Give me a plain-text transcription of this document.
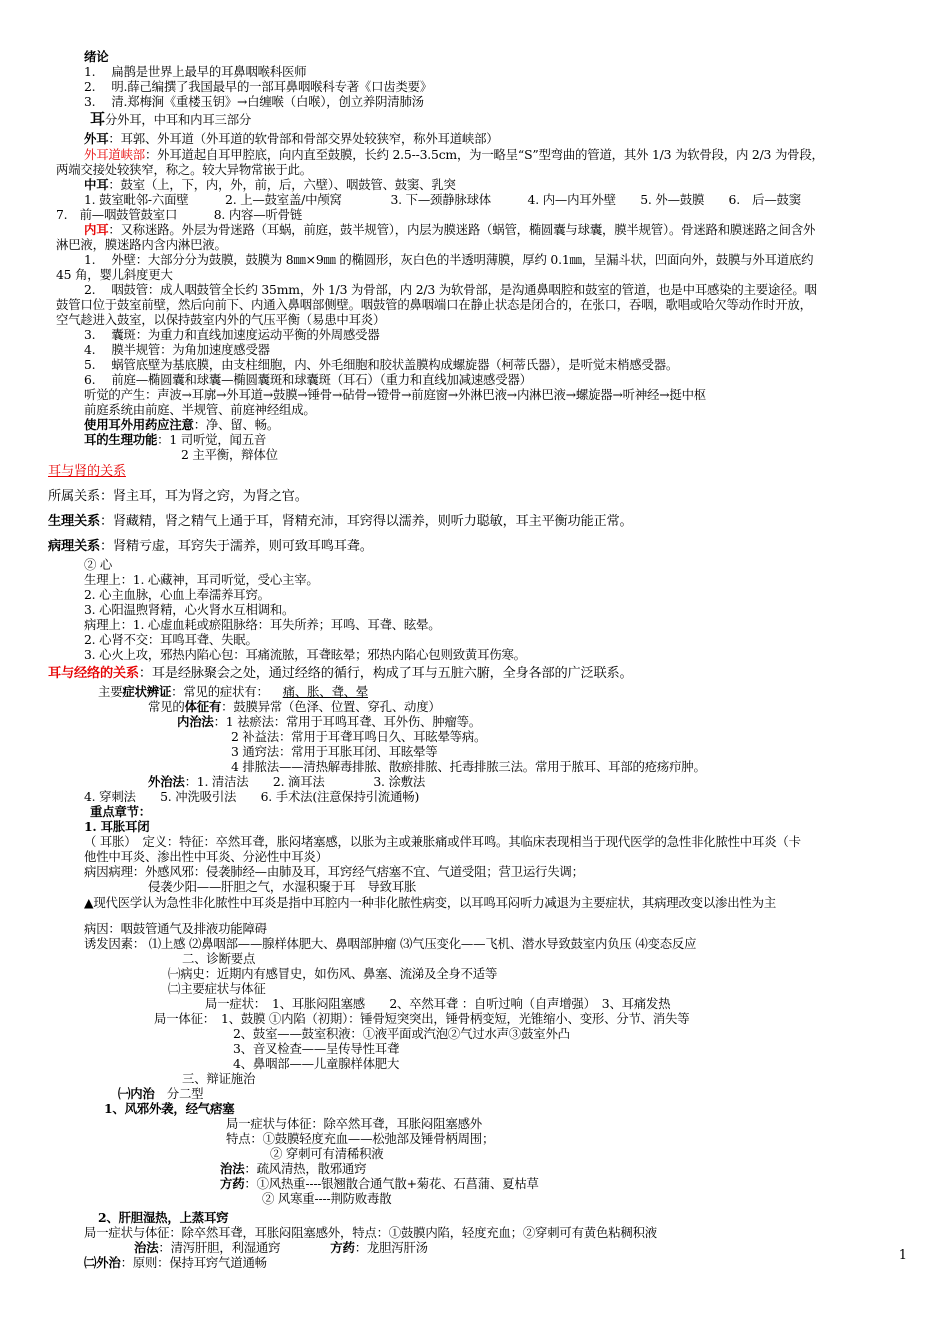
绪论
1.　 扁鹊是世界上最早的耳鼻咽喉科医师
2.　 明.薛己编撰了我国最早的一部耳鼻咽喉科专著《口齿类要》
3.　 清.郑梅涧《重楼玉钥》→白缠喉（白喉），创立养阴清肺汤
耳分外耳，中耳和内耳三部分
外耳：耳郭、外耳道（外耳道的软骨部和骨部交界处较狭窄，称外耳道峡部）
外耳道峡部：外耳道起自耳甲腔底，向内直至鼓膜，长约 2.5--3.5cm，为一略呈“S”型弯曲的管道，其外 1/3 为软骨段，内 2/3 为骨段，
两端交接处较狭窄，称之。较大异物常嵌于此。
中耳：鼓室（上，下，内，外，前，后，六壁）、咽鼓管、鼓窦、乳突
1. 鼓室毗邻-六面壁　　　2. 上—鼓室盖/中颅窝　　　　3. 下—颈静脉球体　　　4. 内—内耳外壁　　5. 外—鼓膜　　6.　后—鼓窦
7.　前—咽鼓管鼓室口　　　8. 内容—听骨链
内耳：又称迷路。外层为骨迷路（耳蜗，前庭，鼓半规管），内层为膜迷路（蜗管，椭圆囊与球囊，膜半规管）。骨迷路和膜迷路之间含外
淋巴液，膜迷路内含内淋巴液。
1.　 外壁：大部分分为鼓膜，鼓膜为 8㎜×9㎜ 的椭圆形，灰白色的半透明薄膜，厚约 0.1㎜，呈漏斗状，凹面向外，鼓膜与外耳道底约
45 角，婴儿斜度更大
2.　 咽鼓管：成人咽鼓管全长约 35mm，外 1/3 为骨部，内 2/3 为软骨部，是沟通鼻咽腔和鼓室的管道，也是中耳感染的主要途径。咽
鼓管口位于鼓室前壁，然后向前下、内通入鼻咽部侧壁。咽鼓管的鼻咽端口在静止状态是闭合的，在张口，吞咽，歌唱或哈欠等动作时开放，
空气趁进入鼓室，以保持鼓室内外的气压平衡（易患中耳炎）
3.　 囊斑：为重力和直线加速度运动平衡的外周感受器
4.　 膜半规管：为角加速度感受器
5.　 蜗管底壁为基底膜，由支柱细胞，内、外毛细胞和胶状盖膜构成螺旋器（柯蒂氏器），是听觉末梢感受器。
6.　 前庭—椭圆囊和球囊—椭圆囊斑和球囊斑（耳石）（重力和直线加减速感受器）
听觉的产生：声波→耳廓→外耳道→鼓膜→锤骨→砧骨→镫骨→前庭窗→外淋巴液→内淋巴液→螺旋器→听神经→挺中枢
前庭系统由前庭、半规管、前庭神经组成。
使用耳外用药应注意：净、留、畅。
耳的生理功能：1 司听觉，闻五音
2 主平衡，辩体位
耳与肾的关系
所属关系：肾主耳，耳为肾之窍，为肾之官。
生理关系：肾藏精，肾之精气上通于耳，肾精充沛，耳窍得以濡养，则听力聪敏，耳主平衡功能正常。
病理关系：肾精亏虚，耳窍失于濡养，则可致耳鸣耳聋。
② 心
生理上：1. 心藏神，耳司听觉，受心主宰。
2. 心主血脉，心血上奉濡养耳窍。
3. 心阳温煦肾精，心火肾水互相调和。
病理上：1. 心虚血耗或瘀阻脉络：耳失所养；耳鸣、耳聋、眩晕。
2. 心肾不交：耳鸣耳聋、失眠。
3. 心火上攻，邪热内陷心包：耳痛流脓，耳聋眩晕；邪热内陷心包则致黄耳伤寒。
耳与经络的关系：耳是经脉聚会之处，通过经络的循行，构成了耳与五脏六腑，全身各部的广泛联系。
主要症状辨证：常见的症状有： 痛、胀、聋、晕
常见的体征有：鼓膜异常（色泽、位置、穿孔、动度）
内治法：1 祛瘀法：常用于耳鸣耳聋、耳外伤、肿瘤等。
2 补益法：常用于耳聋耳鸣日久、耳眩晕等病。
3 通窍法：常用于耳胀耳闭、耳眩晕等
4 排脓法——清热解毒排脓、散瘀排脓、托毒排脓三法。常用于脓耳、耳部的疮疡疖肿。
外治法：1. 清洁法　　2. 滴耳法　　　　3. 涂敷法
4. 穿刺法　　5. 冲洗吸引法　　6. 手术法(注意保持引流通畅)
重点章节：
1. 耳胀耳闭
（ 耳胀）　定义：特征：卒然耳聋，胀闷堵塞感，以胀为主或兼胀痛或伴耳鸣。其临床表现相当于现代医学的急性非化脓性中耳炎（卡
他性中耳炎、渗出性中耳炎、分泌性中耳炎）
病因病理：外感风邪：侵袭肺经—由肺及耳，耳窍经气痞塞不宜、气道受阻；营卫运行失调；
侵袭少阳——肝胆之气，水湿积聚于耳　导致耳胀
▲现代医学认为急性非化脓性中耳炎是指中耳腔内一种非化脓性病变，以耳鸣耳闷听力减退为主要症状，其病理改变以渗出性为主
病因：咽鼓管通气及排液功能障碍
诱发因素： ⑴上感 ⑵鼻咽部——腺样体肥大、鼻咽部肿瘤 ⑶气压变化——飞机、潜水导致鼓室内负压 ⑷变态反应
二、诊断要点
㈠病史：近期内有感冒史，如伤风、鼻塞、流涕及全身不适等
㈡主要症状与体征
局一症状：　1、耳胀闷阻塞感　　2、卒然耳聋 ：自听过响（自声增强）　3、耳痛发热
局一体征：　1、鼓膜 ①内陷（初期）：锤骨短突突出，锤骨柄变短，光锥缩小、变形、分节、消失等
2、鼓室——鼓室积液：①液平面或汽泡②气过水声③鼓室外凸
3、音叉检查——呈传导性耳聋
4、鼻咽部——儿童腺样体肥大
三、辩证施治
㈠内治　分二型
1、风邪外袭，经气痞塞
局一症状与体征：除卒然耳聋，耳胀闷阻塞感外
特点：①鼓膜轻度充血——松弛部及锤骨柄周围；
② 穿刺可有清稀积液
治法：疏风清热，散邪通窍
方药：①风热重----银翘散合通气散+菊花、石菖蒲、夏枯草
② 风寒重----荆防败毒散
2、肝胆湿热，上蒸耳窍
局一症状与体征：除卒然耳聋，耳胀闷阻塞感外，特点：①鼓膜内陷，轻度充血；②穿刺可有黄色粘稠积液
治法：清泻肝胆，利湿通窍	方药：龙胆泻肝汤
㈡外治：原则：保持耳窍气道通畅	1
